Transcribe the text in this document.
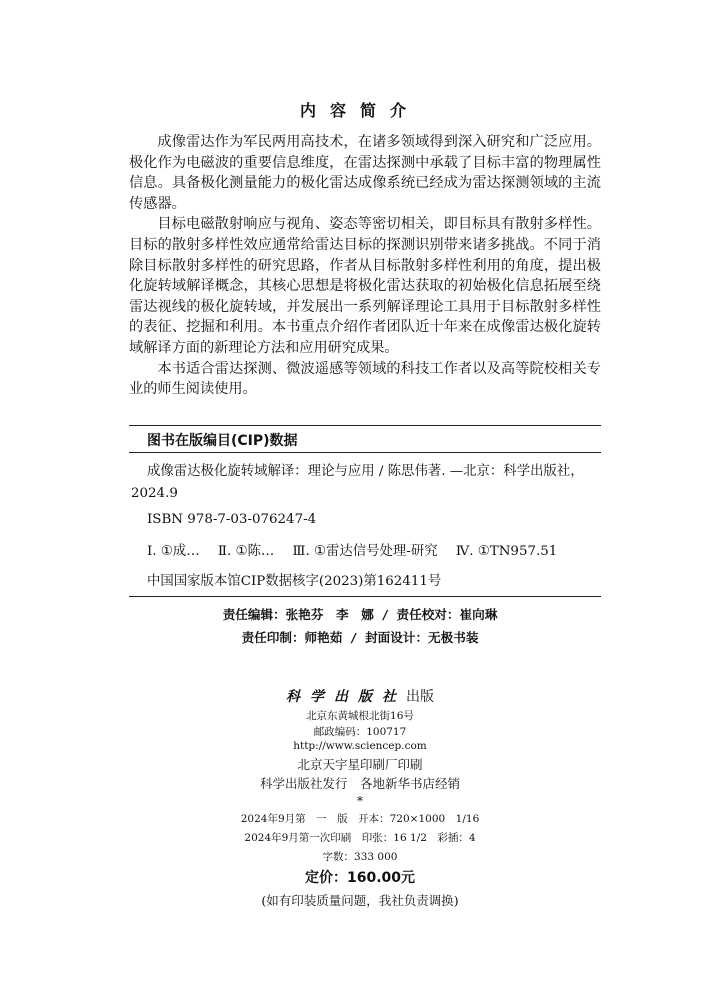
内容简介

成像雷达作为军民两用高技术，在诸多领域得到深入研究和广泛应用。极化作为电磁波的重要信息维度，在雷达探测中承载了目标丰富的物理属性信息。具备极化测量能力的极化雷达成像系统已经成为雷达探测领域的主流传感器。

目标电磁散射响应与视角、姿态等密切相关，即目标具有散射多样性。目标的散射多样性效应通常给雷达目标的探测识别带来诸多挑战。不同于消除目标散射多样性的研究思路，作者从目标散射多样性利用的角度，提出极化旋转域解译概念，其核心思想是将极化雷达获取的初始极化信息拓展至绕雷达视线的极化旋转域，并发展出一系列解译理论工具用于目标散射多样性的表征、挖掘和利用。本书重点介绍作者团队近十年来在成像雷达极化旋转域解译方面的新理论方法和应用研究成果。

本书适合雷达探测、微波遥感等领域的科技工作者以及高等院校相关专业的师生阅读使用。

图书在版编目(CIP)数据
成像雷达极化旋转域解译：理论与应用 / 陈思伟著. —北京：科学出版社，
2024.9
ISBN 978-7-03-076247-4
Ⅰ. ①成… Ⅱ. ①陈… Ⅲ. ①雷达信号处理-研究 Ⅳ. ①TN957.51
中国国家版本馆CIP数据核字(2023)第162411号
责任编辑：张艳芬　李　娜 / 责任校对：崔向琳
责任印制：师艳茹 / 封面设计：无极书装
科学出版社出版
北京东黄城根北街16号
邮政编码：100717
http://www.sciencep.com
北京天宇星印刷厂印刷
科学出版社发行　各地新华书店经销
*
2024年9月第　一　版　开本：720×1000　1/16
2024年9月第一次印刷　印张：16 1/2　彩插：4
字数：333 000
定价：160.00元
(如有印装质量问题，我社负责调换)
